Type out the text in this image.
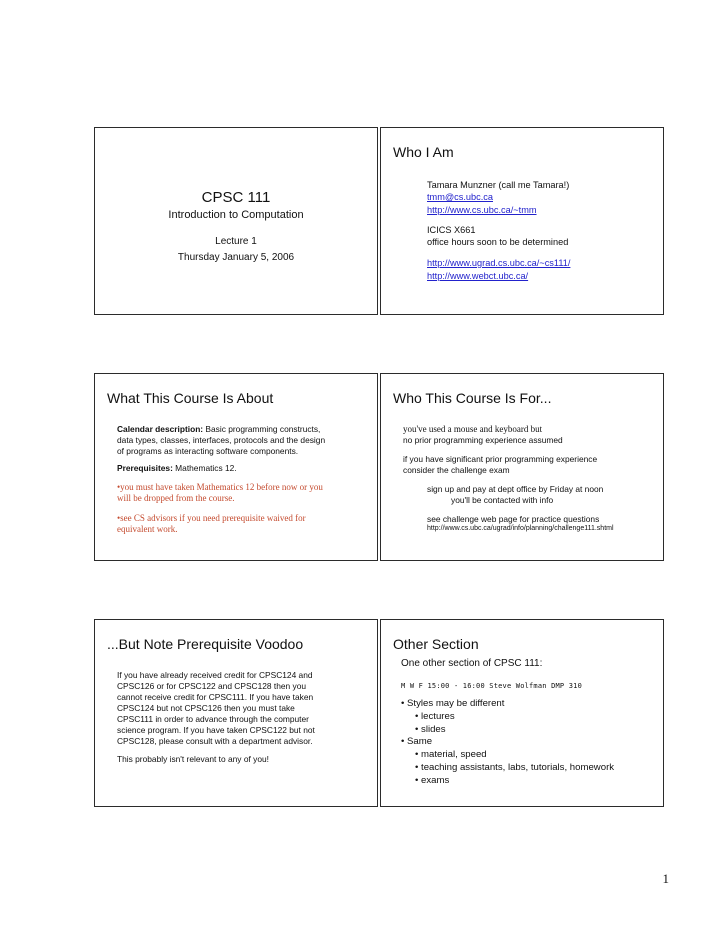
CPSC 111
Introduction to Computation
Lecture 1
Thursday January 5, 2006
Who I Am
Tamara Munzner (call me Tamara!)
tmm@cs.ubc.ca
http://www.cs.ubc.ca/~tmm
ICICS X661
office hours soon to be determined
http://www.ugrad.cs.ubc.ca/~cs111/
http://www.webct.ubc.ca/
What This Course Is About
Calendar description: Basic programming constructs,
data types, classes, interfaces, protocols and the design
of programs as interacting software components.
Prerequisites: Mathematics 12.
•you must have taken Mathematics 12 before now or you
will be dropped from the course.
•see CS advisors if you need prerequisite waived for
equivalent work.
Who This Course Is For...
you've used a mouse and keyboard but
no prior programming experience assumed
if you have significant prior programming experience
consider the challenge exam
sign up and pay at dept office by Friday at noon
you'll be contacted with info
see challenge web page for practice questions
http://www.cs.ubc.ca/ugrad/info/planning/challenge111.shtml
...But Note Prerequisite Voodoo
If you have already received credit for CPSC124 and
CPSC126 or for CPSC122 and CPSC128 then you
cannot receive credit for CPSC111. If you have taken
CPSC124 but not CPSC126 then you must take
CPSC111 in order to advance through the computer
science program. If you have taken CPSC122 but not
CPSC128, please consult with a department advisor.
This probably isn't relevant to any of you!
Other Section
One other section of CPSC 111:
M W F 15:00 - 16:00 Steve Wolfman DMP 310
• Styles may be different
• lectures
• slides
• Same
• material, speed
• teaching assistants, labs, tutorials, homework
• exams
1
